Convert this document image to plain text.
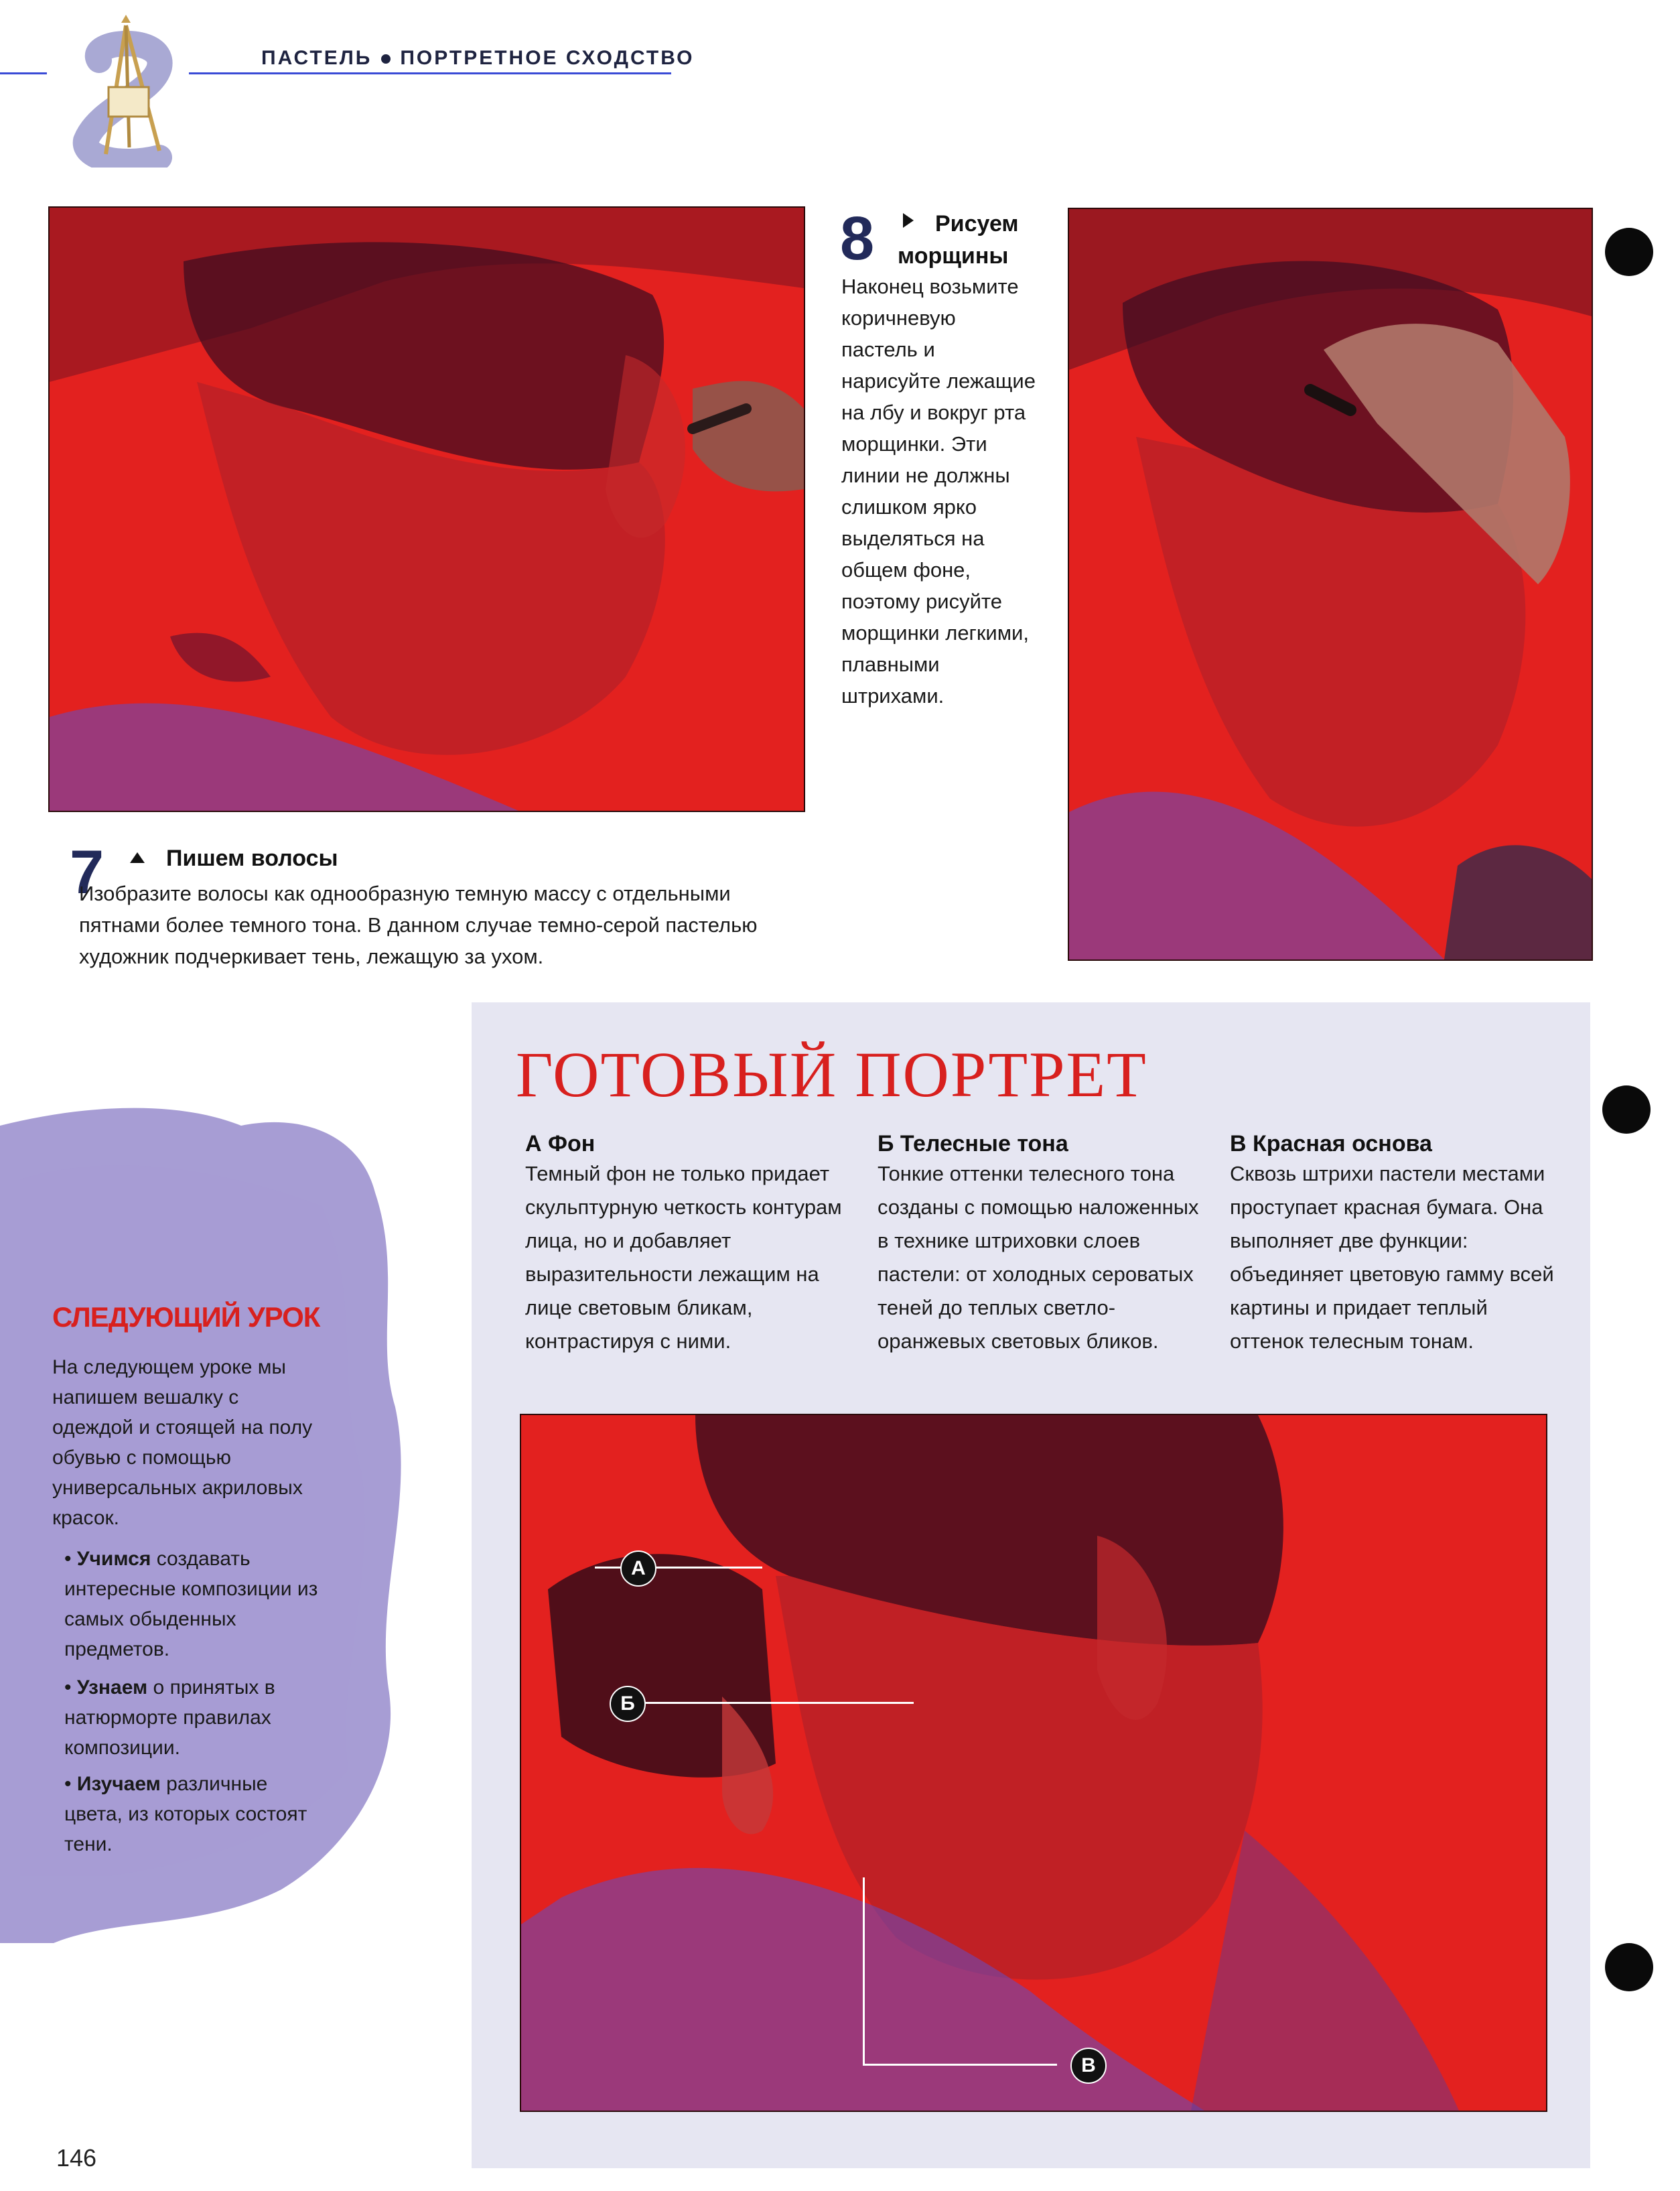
ПАСТЕЛЬ ПОРТРЕТНОЕ СХОДСТВО
7	Пишем волосы
Изобразите волосы как однообразную темную массу с отдельными пятнами более темного тона. В данном случае темно-серой пастелью художник подчеркивает тень, лежащую за ухом.
8	Рисуем морщины
Наконец возьмите коричневую пастель и нарисуйте лежащие на лбу и вокруг рта морщинки. Эти линии не должны слишком ярко выделяться на общем фоне, поэтому рисуйте морщинки легкими, плавными штрихами.
ГОТОВЫЙ ПОРТРЕТ
А Фон
Темный фон не только придает скульптурную четкость контурам лица, но и добавляет выразительности лежащим на лице световым бликам, контрастируя с ними.
Б Телесные тона
Тонкие оттенки телесного тона созданы с помощью наложенных в технике штриховки слоев пастели: от холодных сероватых теней до теплых светло-оранжевых световых бликов.
В Красная основа
Сквозь штрихи пастели местами проступает красная бумага. Она выполняет две функции: объединяет цветовую гамму всей картины и придает теплый оттенок телесным тонам.
А
Б
В
СЛЕДУЮЩИЙ УРОК
На следующем уроке мы напишем вешалку с одеждой и стоящей на полу обувью с помощью универсальных акриловых красок.
• Учимся создавать интересные композиции из самых обыденных предметов.
• Узнаем о принятых в натюрморте правилах композиции.
• Изучаем различные цвета, из которых состоят тени.
146
